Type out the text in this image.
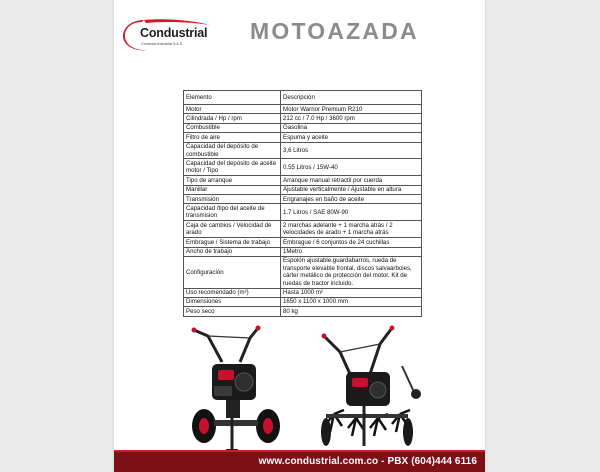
Condustrial
Comercio Industrial S.A.S	MOTOAZADA
Elemento	Descripción
Motor	Motor Warrior Premium R210
Cilindrada / Hp / rpm	212 cc / 7.0 Hp / 3600 rpm
Combustible	Gasolina
Filtro de aire	Espuma y aceite
Capacidad del depósito de combustible	3,6 Litros
Capacidad del depósito de aceite motor / Tipo	0.55 Litros / 15W-40
Tipo de arranque	Arranque manual retractil por cuerda
Manillar	Ajustable verticalmente / Ajustable en altura
Transmisión	Engranajes en baño de aceite
Capacidad /tipo del aceite de transmision	1.7 Litros / SAE 80W-90
Caja de cambios / Velocidad de arado	2 marchas adelante + 1 marcha atrás / 2 velocidades de arado + 1 marcha atrás
Embrague / Sistema de trabajo	Embrague / 6 conjuntos de 24 cuchillas
Ancho de trabajo	1Metro
Configuración	Espolón ajustable,guardabarros, rueda de transporte elevable frontal, discos salvaárboles, cárter metálico de protección del motor. Kit de ruedas de tractor incluido.
Uso recomendado (m²)	Hasta 1000 m²
Dimensiones	1650 x 1100 x 1000 mm
Peso seco	80 kg
www.condustrial.com.co - PBX (604)444 6116
